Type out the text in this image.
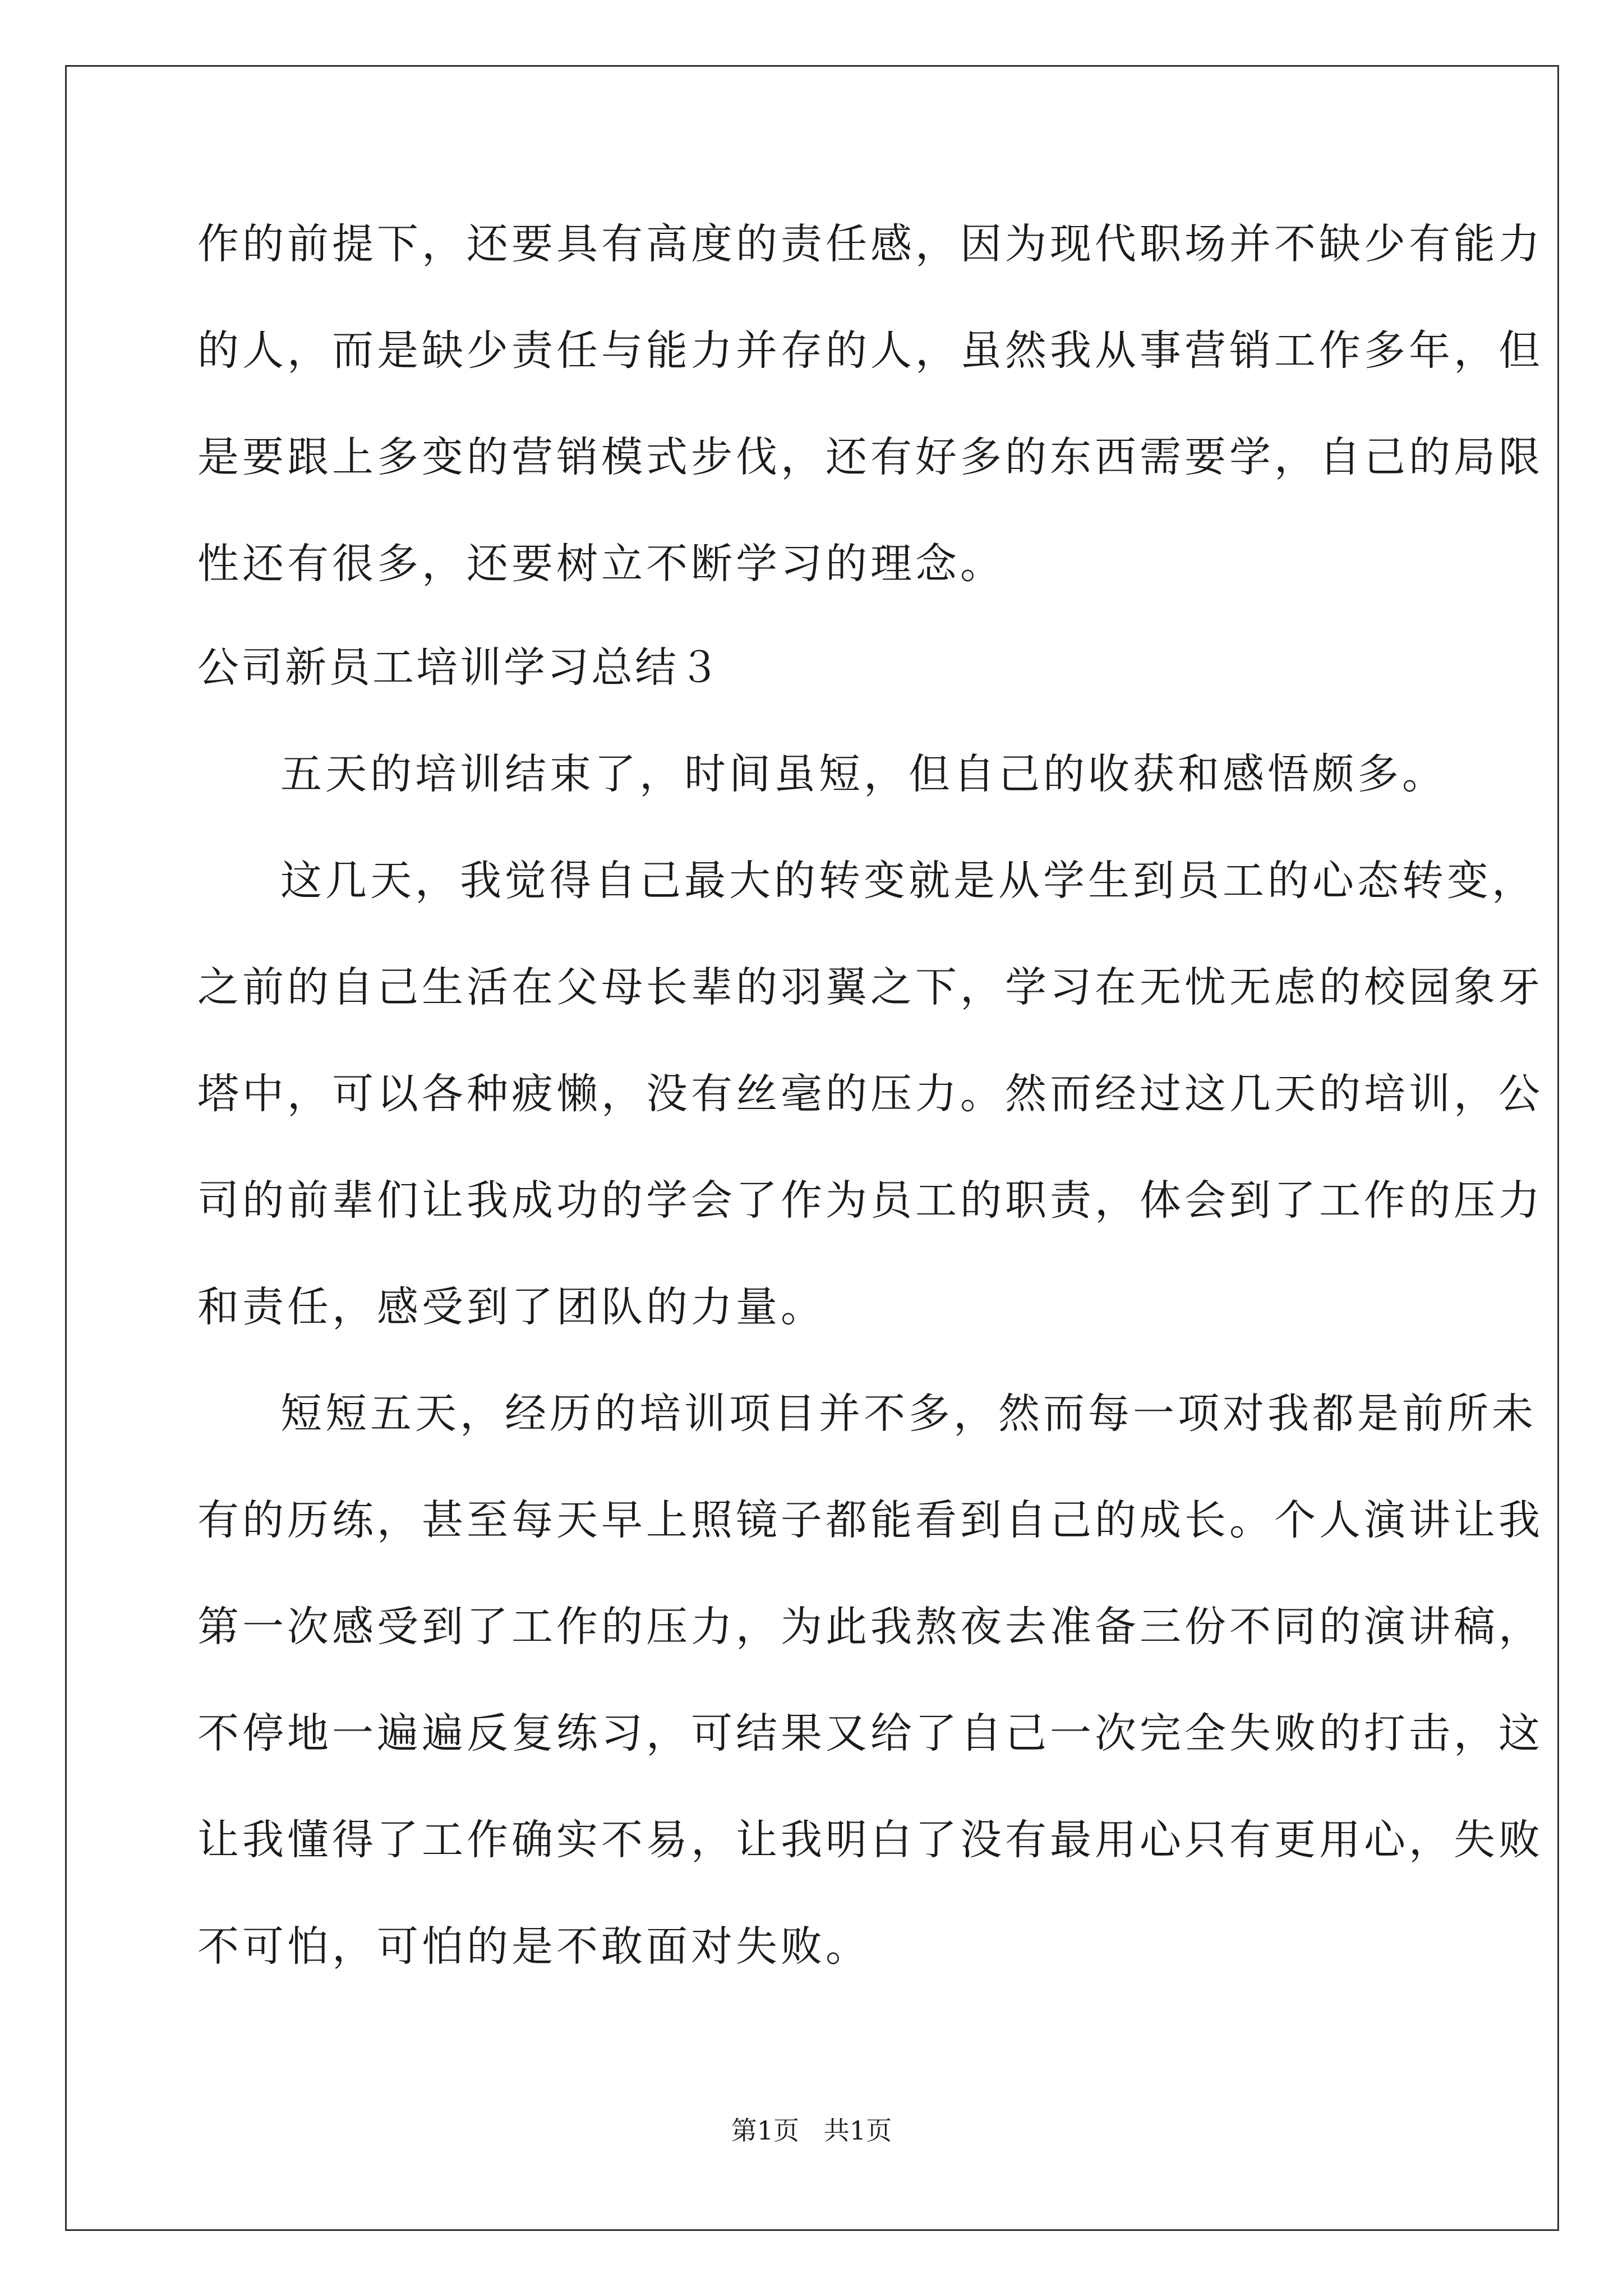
作的前提下，还要具有高度的责任感，因为现代职场并不缺少有能力
的人，而是缺少责任与能力并存的人，虽然我从事营销工作多年，但
是要跟上多变的营销模式步伐，还有好多的东西需要学，自己的局限
性还有很多，还要树立不断学习的理念。
公司新员工培训学习总结３
五天的培训结束了，时间虽短，但自己的收获和感悟颇多。
这几天，我觉得自己最大的转变就是从学生到员工的心态转变，
之前的自己生活在父母长辈的羽翼之下，学习在无忧无虑的校园象牙
塔中，可以各种疲懒，没有丝毫的压力。然而经过这几天的培训，公
司的前辈们让我成功的学会了作为员工的职责，体会到了工作的压力
和责任，感受到了团队的力量。
短短五天，经历的培训项目并不多，然而每一项对我都是前所未
有的历练，甚至每天早上照镜子都能看到自己的成长。个人演讲让我
第一次感受到了工作的压力，为此我熬夜去准备三份不同的演讲稿，
不停地一遍遍反复练习，可结果又给了自己一次完全失败的打击，这
让我懂得了工作确实不易，让我明白了没有最用心只有更用心，失败
不可怕，可怕的是不敢面对失败。
第1页   共1页
